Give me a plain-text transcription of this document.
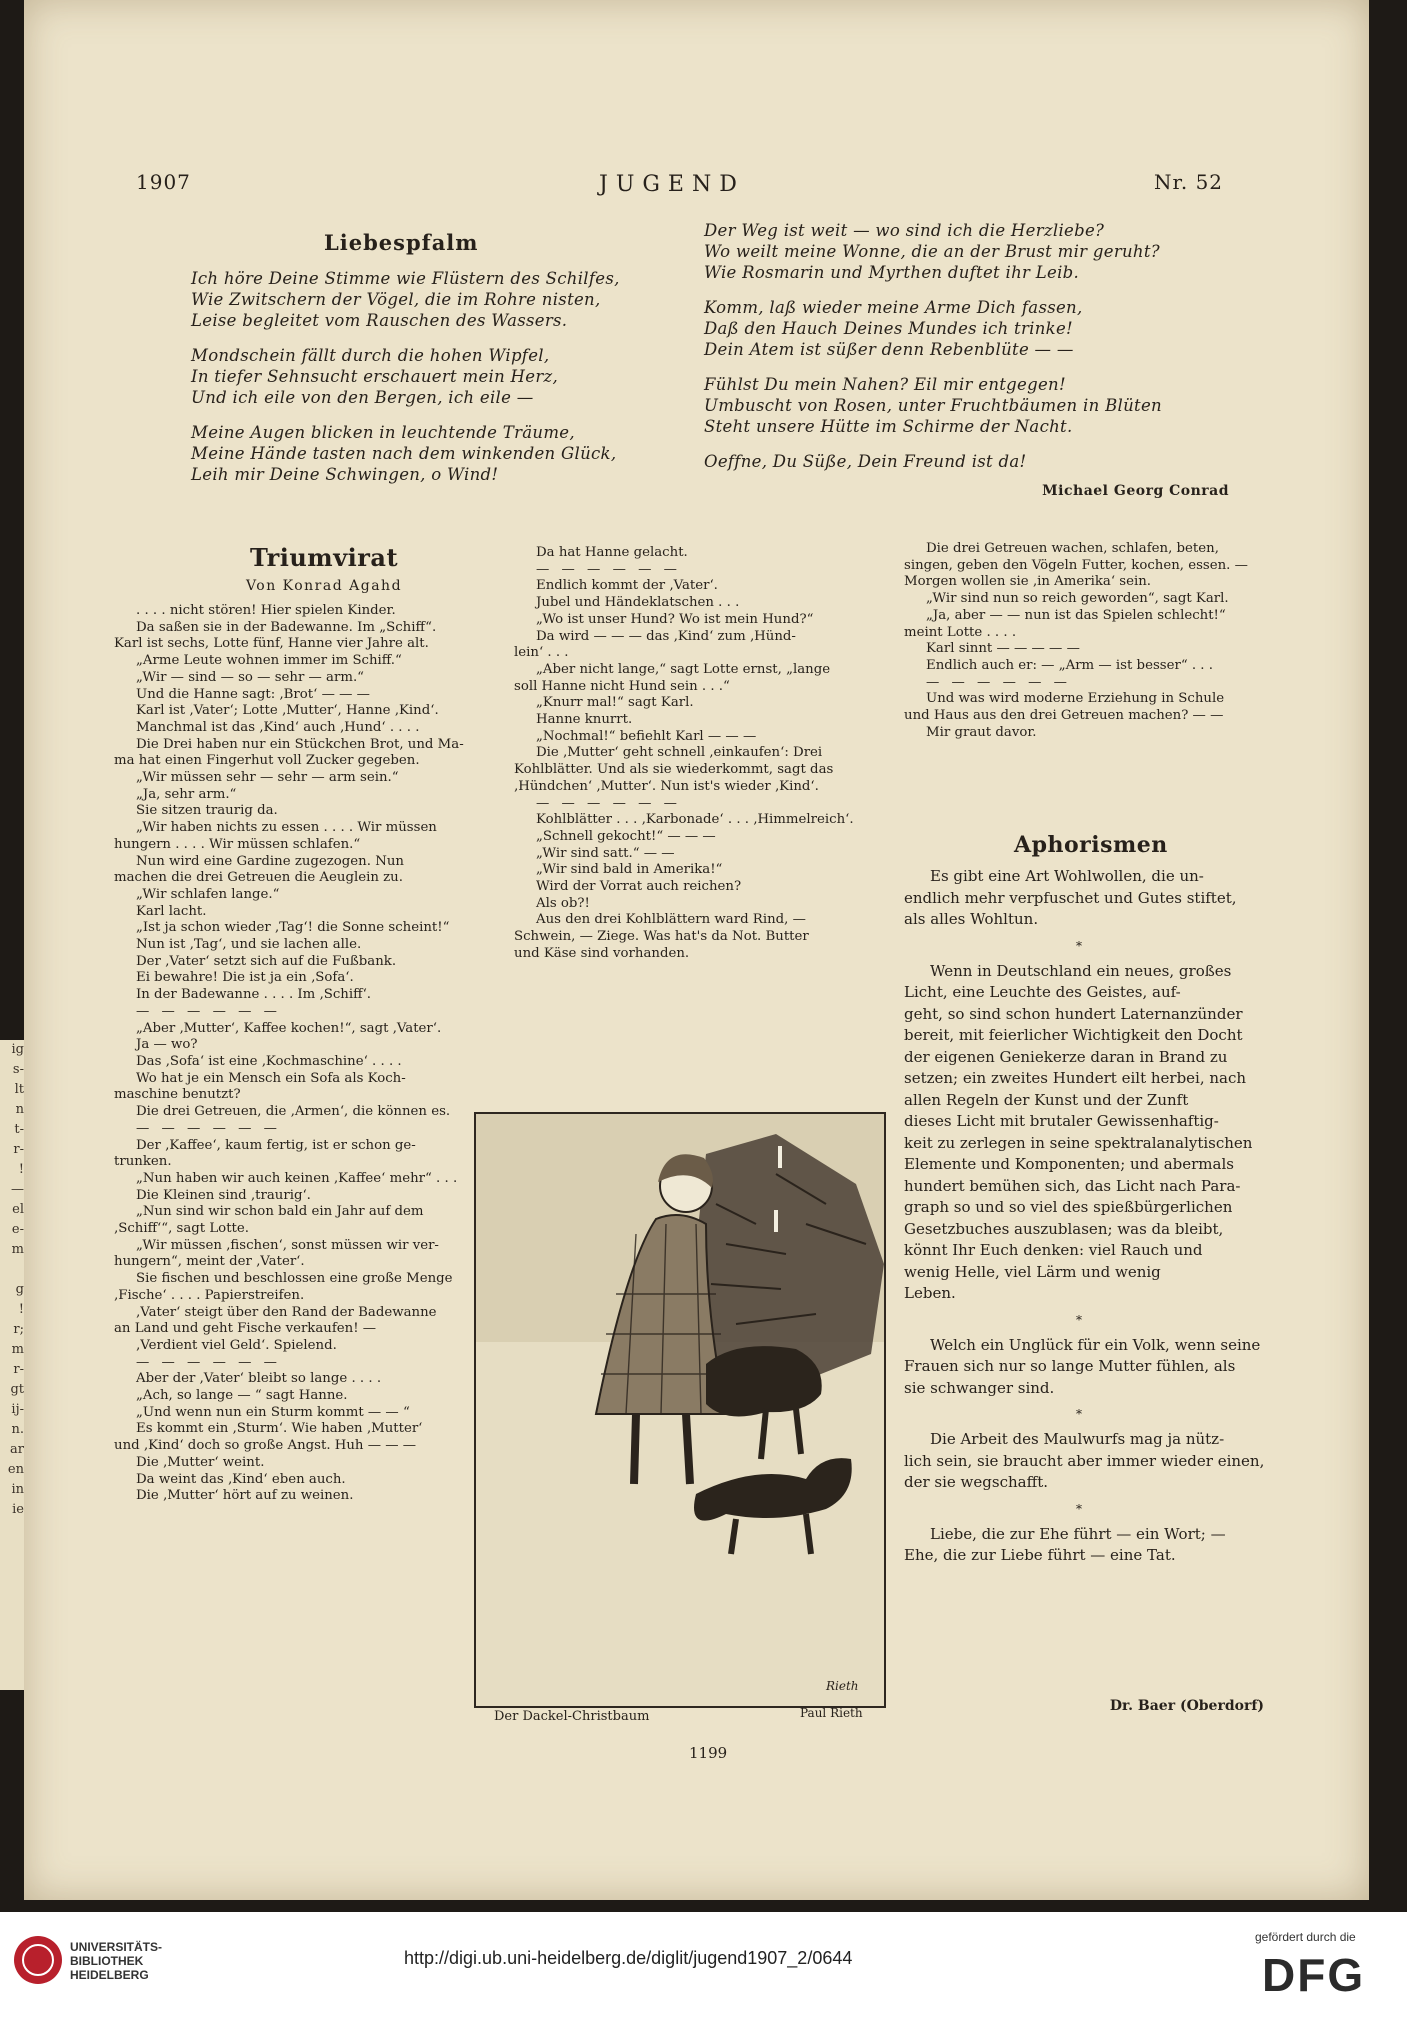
1907	JUGEND	Nr. 52
Liebespfalm
Ich höre Deine Stimme wie Flüstern des Schilfes,
Wie Zwitschern der Vögel, die im Rohre nisten,
Leise begleitet vom Rauschen des Wassers.
Mondschein fällt durch die hohen Wipfel,
In tiefer Sehnsucht erschauert mein Herz,
Und ich eile von den Bergen, ich eile —
Meine Augen blicken in leuchtende Träume,
Meine Hände tasten nach dem winkenden Glück,
Leih mir Deine Schwingen, o Wind!
Der Weg ist weit — wo sind ich die Herzliebe?
Wo weilt meine Wonne, die an der Brust mir geruht?
Wie Rosmarin und Myrthen duftet ihr Leib.
Komm, laß wieder meine Arme Dich fassen,
Daß den Hauch Deines Mundes ich trinke!
Dein Atem ist süßer denn Rebenblüte — —
Fühlst Du mein Nahen? Eil mir entgegen!
Umbuscht von Rosen, unter Fruchtbäumen in Blüten
Steht unsere Hütte im Schirme der Nacht.
Oeffne, Du Süße, Dein Freund ist da!
Michael Georg Conrad
Triumvirat
Von Konrad Agahd
. . . . nicht stören! Hier spielen Kinder.
Da saßen sie in der Badewanne. Im „Schiff“.
Karl ist sechs, Lotte fünf, Hanne vier Jahre alt.
„Arme Leute wohnen immer im Schiff.“
„Wir — sind — so — sehr — arm.“
Und die Hanne sagt: ‚Brot‘ — — —
Karl ist ‚Vater‘; Lotte ‚Mutter‘, Hanne ‚Kind‘.
Manchmal ist das ‚Kind‘ auch ‚Hund‘ . . . .
Die Drei haben nur ein Stückchen Brot, und Ma-
ma hat einen Fingerhut voll Zucker gegeben.
„Wir müssen sehr — sehr — arm sein.“
„Ja, sehr arm.“
Sie sitzen traurig da.
„Wir haben nichts zu essen . . . . Wir müssen
hungern . . . . Wir müssen schlafen.“
Nun wird eine Gardine zugezogen. Nun
machen die drei Getreuen die Aeuglein zu.
„Wir schlafen lange.“
Karl lacht.
„Ist ja schon wieder ‚Tag‘! die Sonne scheint!“
Nun ist ‚Tag‘, und sie lachen alle.
Der ‚Vater‘ setzt sich auf die Fußbank.
Ei bewahre! Die ist ja ein ‚Sofa‘.
In der Badewanne . . . . Im ‚Schiff‘.
— — — — — —
„Aber ‚Mutter‘, Kaffee kochen!“, sagt ‚Vater‘.
Ja — wo?
Das ‚Sofa‘ ist eine ‚Kochmaschine‘ . . . .
Wo hat je ein Mensch ein Sofa als Koch-
maschine benutzt?
Die drei Getreuen, die ‚Armen‘, die können es.
— — — — — —
Der ‚Kaffee‘, kaum fertig, ist er schon ge-
trunken.
„Nun haben wir auch keinen ‚Kaffee‘ mehr“ . . .
Die Kleinen sind ‚traurig‘.
„Nun sind wir schon bald ein Jahr auf dem
‚Schiff‘“, sagt Lotte.
„Wir müssen ‚fischen‘, sonst müssen wir ver-
hungern“, meint der ‚Vater‘.
Sie fischen und beschlossen eine große Menge
‚Fische‘ . . . . Papierstreifen.
‚Vater‘ steigt über den Rand der Badewanne
an Land und geht Fische verkaufen! —
‚Verdient viel Geld‘. Spielend.
— — — — — —
Aber der ‚Vater‘ bleibt so lange . . . .
„Ach, so lange — “ sagt Hanne.
„Und wenn nun ein Sturm kommt — — “
Es kommt ein ‚Sturm‘. Wie haben ‚Mutter‘
und ‚Kind‘ doch so große Angst. Huh — — —
Die ‚Mutter‘ weint.
Da weint das ‚Kind‘ eben auch.
Die ‚Mutter‘ hört auf zu weinen.
Da hat Hanne gelacht.
— — — — — —
Endlich kommt der ‚Vater‘.
Jubel und Händeklatschen . . .
„Wo ist unser Hund? Wo ist mein Hund?“
Da wird — — — das ‚Kind‘ zum ‚Hünd-
lein‘ . . .
„Aber nicht lange,“ sagt Lotte ernst, „lange
soll Hanne nicht Hund sein . . .“
„Knurr mal!“ sagt Karl.
Hanne knurrt.
„Nochmal!“ befiehlt Karl — — —
Die ‚Mutter‘ geht schnell ‚einkaufen‘: Drei
Kohlblätter. Und als sie wiederkommt, sagt das
‚Hündchen‘ ‚Mutter‘. Nun ist's wieder ‚Kind‘.
— — — — — —
Kohlblätter . . . ‚Karbonade‘ . . . ‚Himmelreich‘.
„Schnell gekocht!“ — — —
„Wir sind satt.“ — —
„Wir sind bald in Amerika!“
Wird der Vorrat auch reichen?
Als ob?!
Aus den drei Kohlblättern ward Rind, —
Schwein, — Ziege. Was hat's da Not. Butter
und Käse sind vorhanden.
Die drei Getreuen wachen, schlafen, beten,
singen, geben den Vögeln Futter, kochen, essen. —
Morgen wollen sie ‚in Amerika‘ sein.
„Wir sind nun so reich geworden“, sagt Karl.
„Ja, aber — — nun ist das Spielen schlecht!“
meint Lotte . . . .
Karl sinnt — — — — —
Endlich auch er: — „Arm — ist besser“ . . .
— — — — — —
Und was wird moderne Erziehung in Schule
und Haus aus den drei Getreuen machen? — —
Mir graut davor.
Rieth
Der Dackel-Christbaum	Paul Rieth
Aphorismen
Es gibt eine Art Wohlwollen, die un-
endlich mehr verpfuschet und Gutes stiftet,
als alles Wohltun.
*
Wenn in Deutschland ein neues, großes
Licht, eine Leuchte des Geistes, auf-
geht, so sind schon hundert Laternanzünder
bereit, mit feierlicher Wichtigkeit den Docht
der eigenen Geniekerze daran in Brand zu
setzen; ein zweites Hundert eilt herbei, nach
allen Regeln der Kunst und der Zunft
dieses Licht mit brutaler Gewissenhaftig-
keit zu zerlegen in seine spektralanalytischen
Elemente und Komponenten; und abermals
hundert bemühen sich, das Licht nach Para-
graph so und so viel des spießbürgerlichen
Gesetzbuches auszublasen; was da bleibt,
könnt Ihr Euch denken: viel Rauch und
wenig Helle, viel Lärm und wenig
Leben.
*
Welch ein Unglück für ein Volk, wenn seine
Frauen sich nur so lange Mutter fühlen, als
sie schwanger sind.
*
Die Arbeit des Maulwurfs mag ja nütz-
lich sein, sie braucht aber immer wieder einen,
der sie wegschafft.
*
Liebe, die zur Ehe führt — ein Wort; —
Ehe, die zur Liebe führt — eine Tat.
Dr. Baer (Oberdorf)
1199
ig
s-
lt
n
t-
r-
!
—
el
e-
m

g
!
r;
m
r-
gt
ij-
n.
ar
en
in
ie
UNIVERSITÄTS-
BIBLIOTHEK
HEIDELBERG
http://digi.ub.uni-heidelberg.de/diglit/jugend1907_2/0644
gefördert durch die
DFG
